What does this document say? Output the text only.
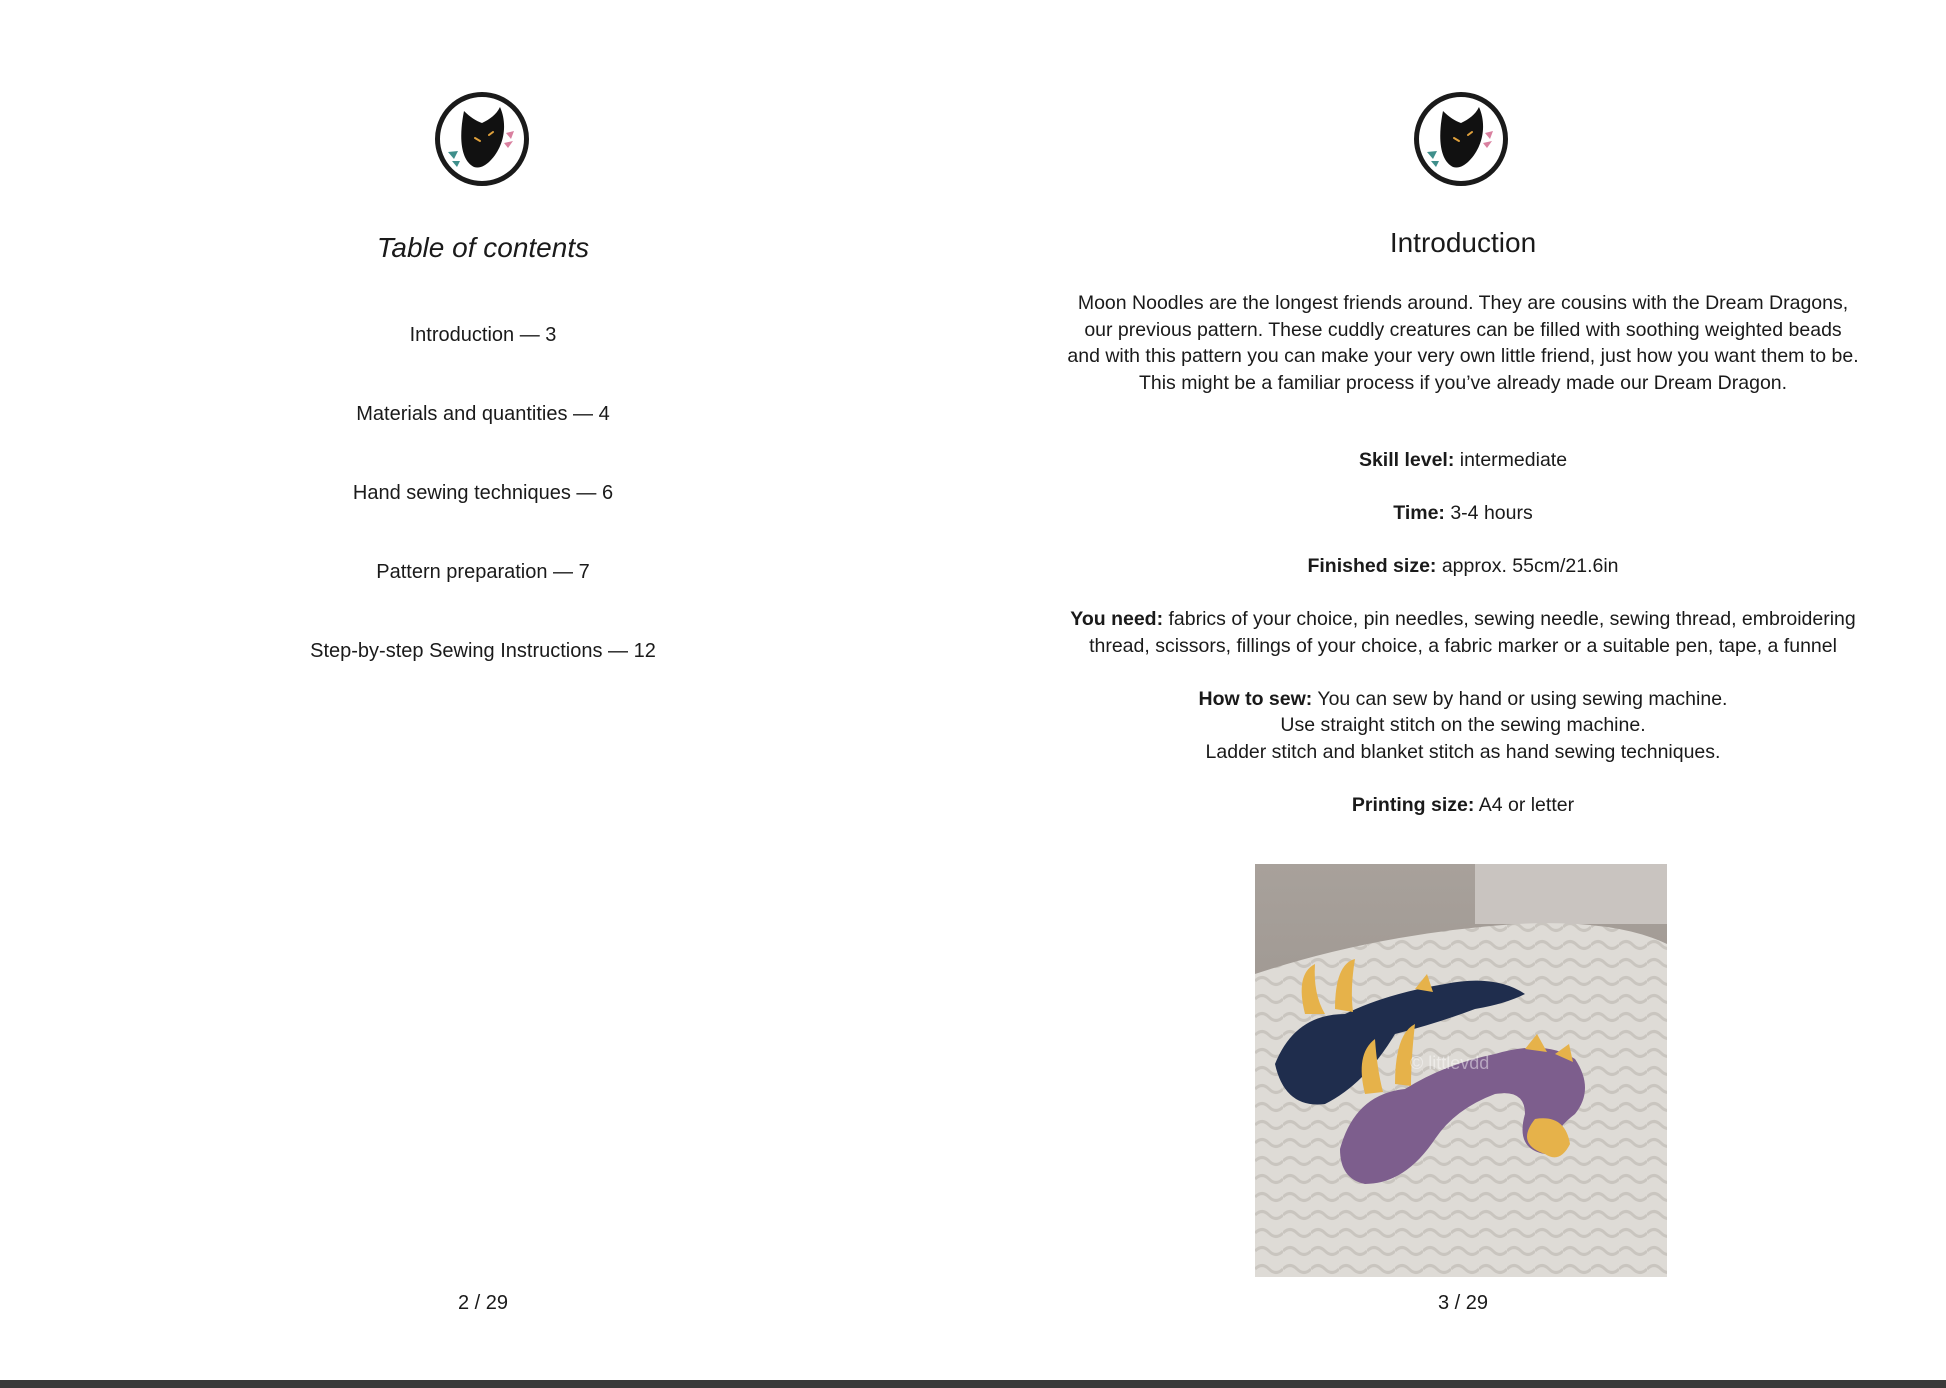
Table of contents
Introduction — 3
Materials and quantities — 4
Hand sewing techniques — 6
Pattern preparation — 7
Step-by-step Sewing Instructions — 12
2 / 29
Introduction
Moon Noodles are the longest friends around. They are cousins with the Dream Dragons, our previous pattern. These cuddly creatures can be filled with soothing weighted beads and with this pattern you can make your very own little friend, just how you want them to be. This might be a familiar process if you’ve already made our Dream Dragon.
Skill level: intermediate
Time: 3-4 hours
Finished size: approx. 55cm/21.6in
You need: fabrics of your choice, pin needles, sewing needle, sewing thread, embroidering thread, scissors, fillings of your choice, a fabric marker or a suitable pen, tape, a funnel
How to sew: You can sew by hand or using sewing machine.
Use straight stitch on the sewing machine.
Ladder stitch and blanket stitch as hand sewing techniques.
Printing size: A4 or letter
© littlevdd
3 / 29
